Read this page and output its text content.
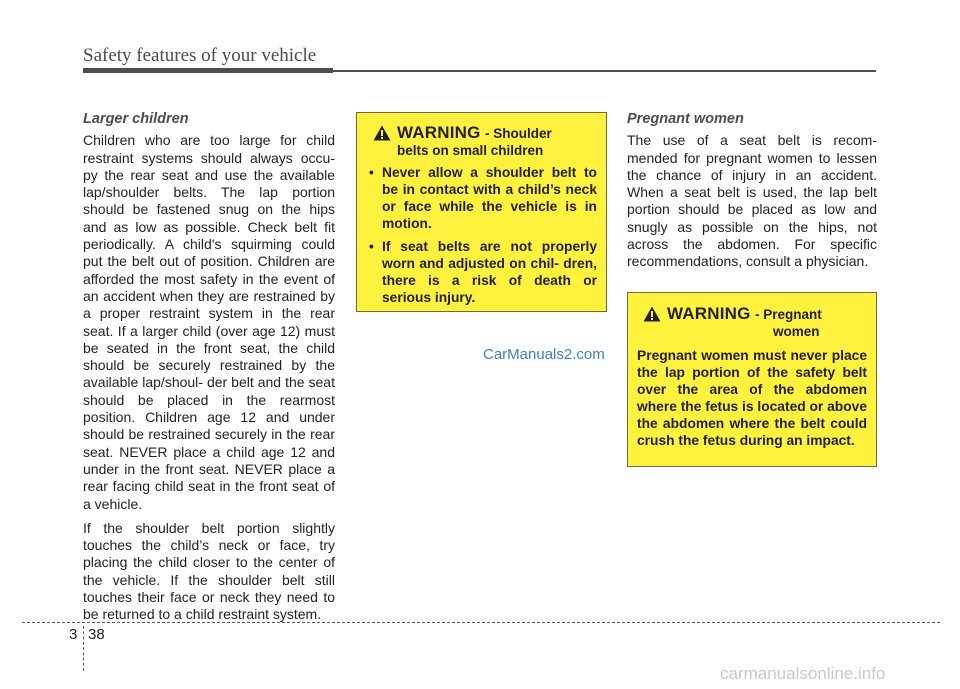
Safety features of your vehicle
Larger children

Children who are too large for child restraint systems should always occu- py the rear seat and use the available lap/shoulder belts. The lap portion should be fastened snug on the hips and as low as possible. Check belt fit periodically. A child's squirming could put the belt out of position. Children are afforded the most safety in the event of an accident when they are restrained by a proper restraint system in the rear seat. If a larger child (over age 12) must be seated in the front seat, the child should be securely restrained by the available lap/shoul- der belt and the seat should be placed in the rearmost position. Children age 12 and under should be restrained securely in the rear seat. NEVER place a child age 12 and under in the front seat. NEVER place a rear facing child seat in the front seat of a vehicle.

If the shoulder belt portion slightly touches the child’s neck or face, try placing the child closer to the center of the vehicle. If the shoulder belt still touches their face or neck they need to be returned to a child restraint system.

WARNING - Shoulder
belts on small children
• Never allow a shoulder belt to be in contact with a child’s neck or face while the vehicle is in motion.
• If seat belts are not properly worn and adjusted on chil- dren, there is a risk of death or serious injury.
CarManuals2.com
Pregnant women

The use of a seat belt is recom- mended for pregnant women to lessen the chance of injury in an accident. When a seat belt is used, the lap belt portion should be placed as low and snugly as possible on the hips, not across the abdomen. For specific recommendations, consult a physician.

WARNING - Pregnant
women
Pregnant women must never place the lap portion of the safety belt over the area of the abdomen where the fetus is located or above the abdomen where the belt could crush the fetus during an impact.
3 38
carmanualsonline.info
